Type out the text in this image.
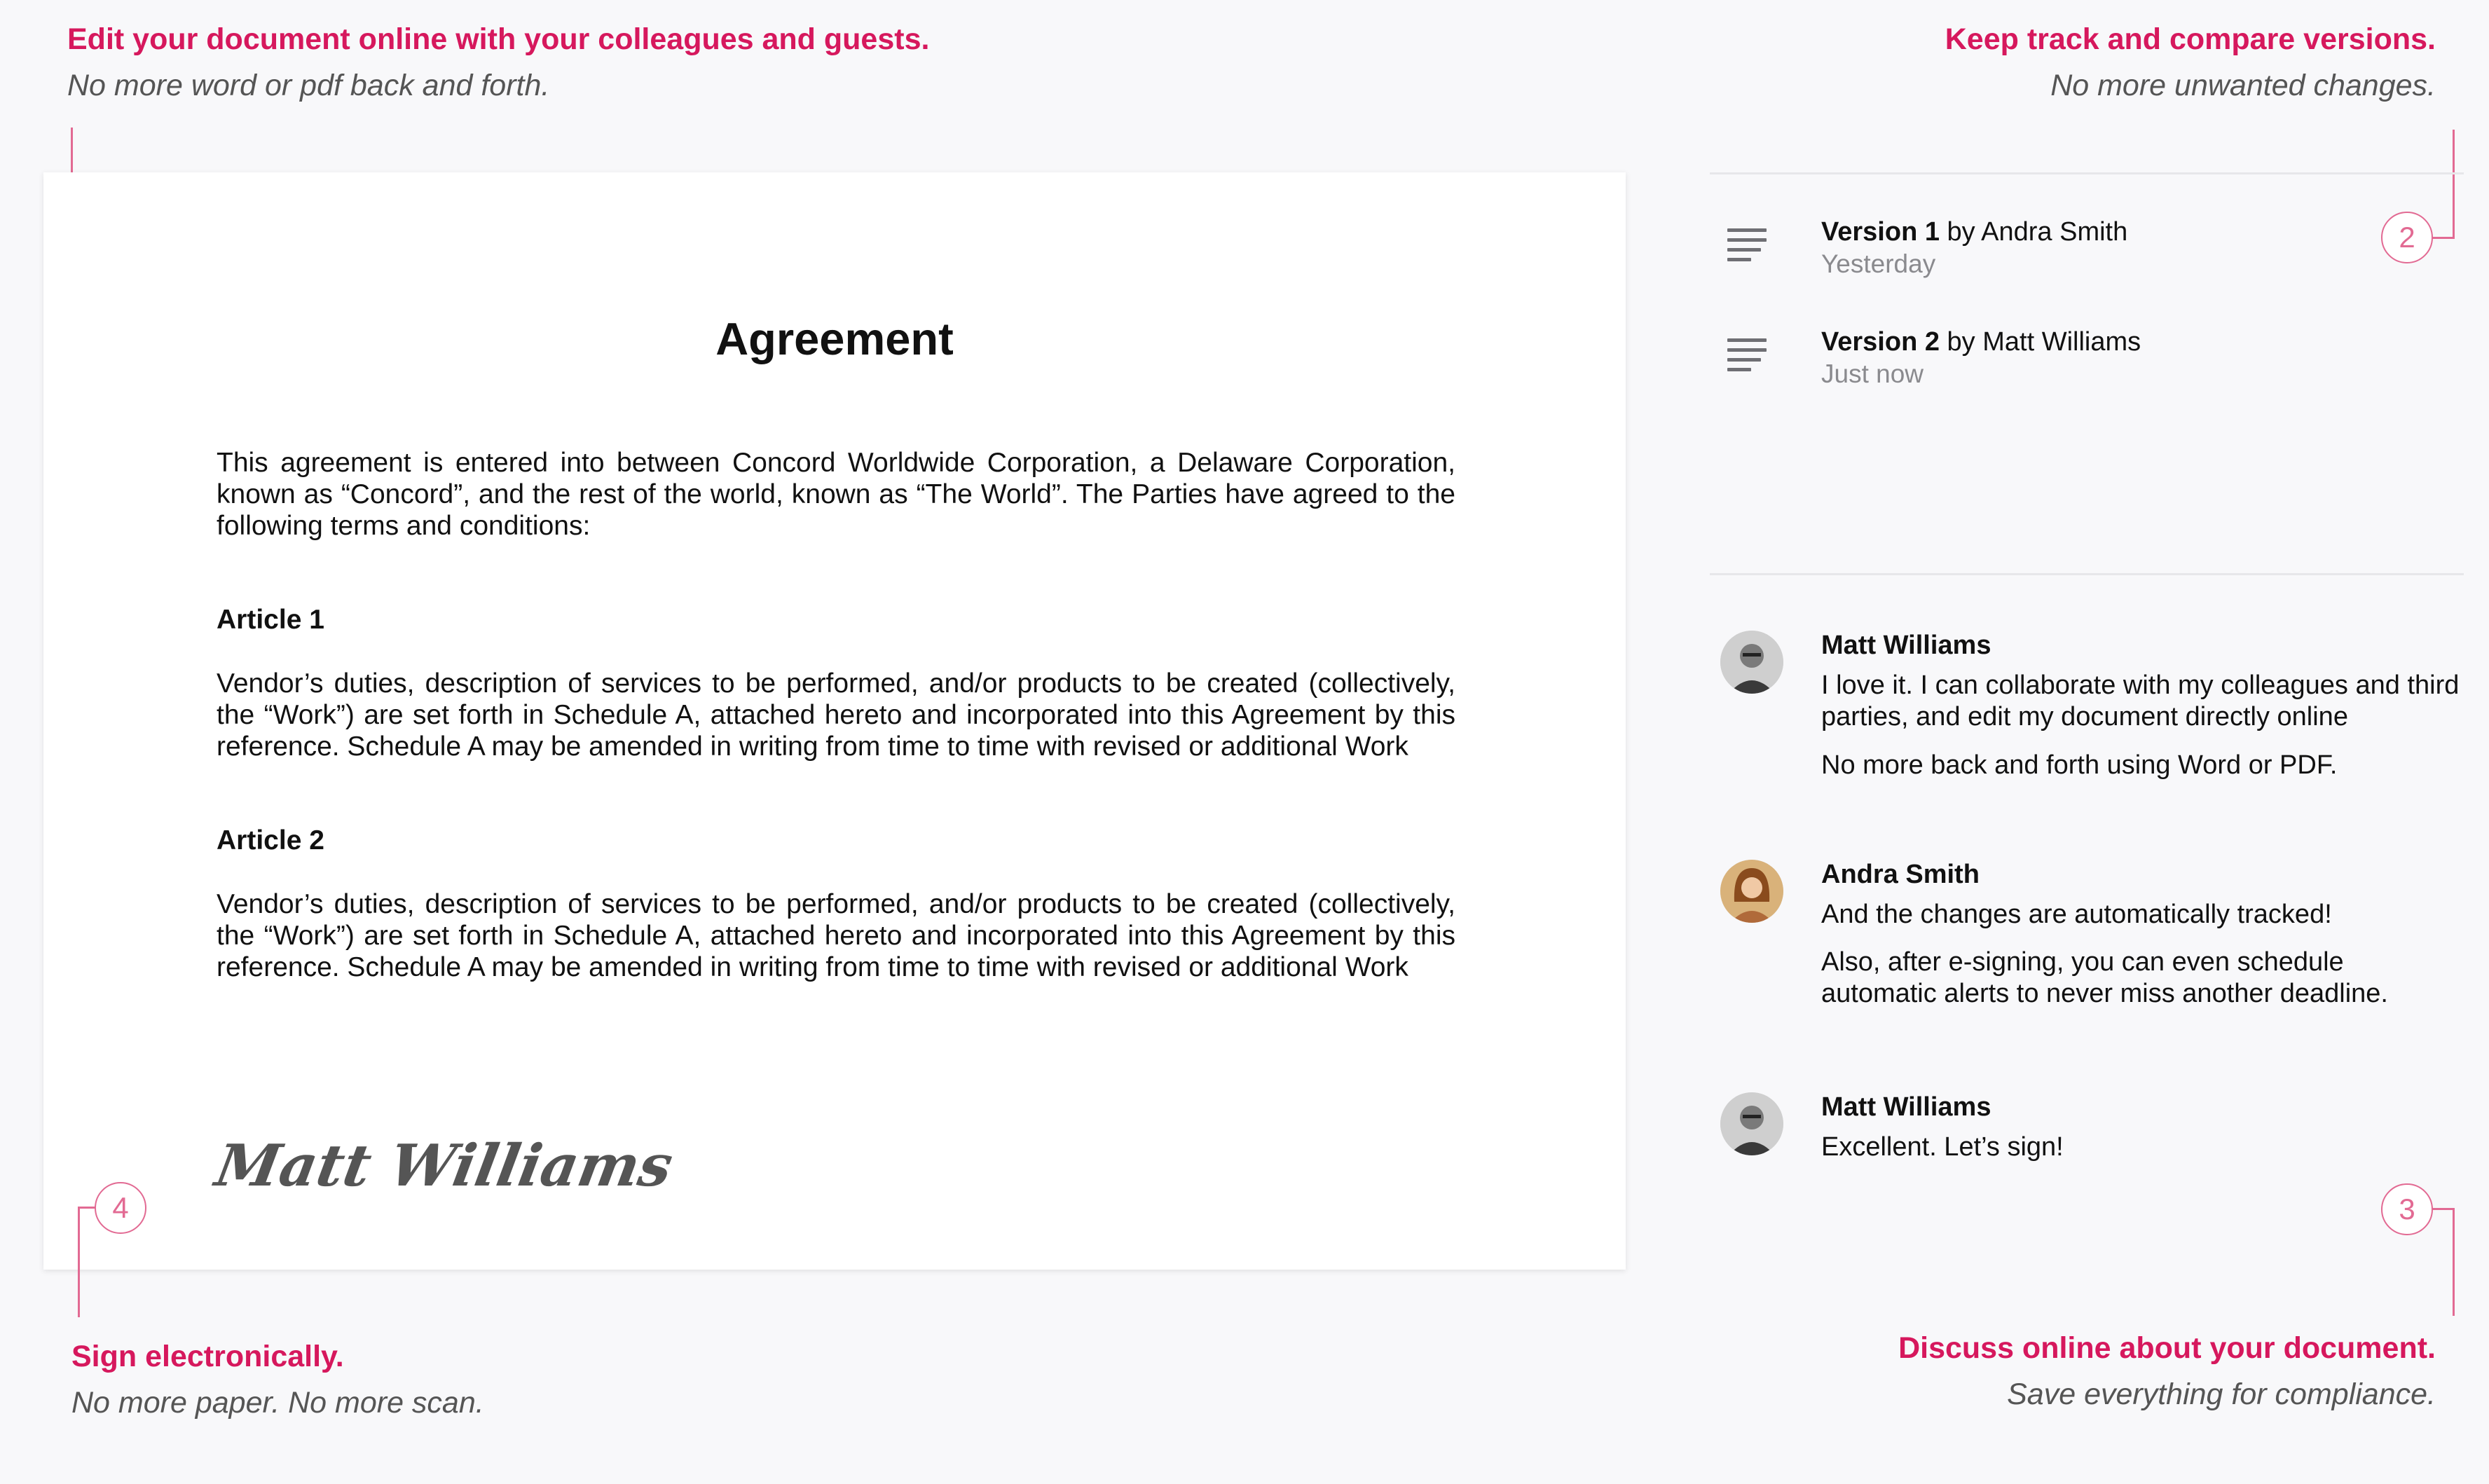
Edit your document online with your colleagues and guests.
No more word or pdf back and forth.
Keep track and compare versions.
No more unwanted changes.
2
3
Discuss online about your document.
Save everything for compliance.
Agreement
This agreement is entered into between Concord Worldwide Corporation, a Delaware Corporation, known as “Concord”, and the rest of the world, known as “The World”. The Parties have agreed to the following terms and conditions:
Article 1
Vendor’s duties, description of services to be performed, and/or products to be created (collectively, the “Work”) are set forth in Schedule A, attached hereto and incorporated into this Agreement by this reference. Schedule A may be amended in writing from time to time with revised or additional Work
Article 2
Vendor’s duties, description of services to be performed, and/or products to be created (collectively, the “Work”) are set forth in Schedule A, attached hereto and incorporated into this Agreement by this reference. Schedule A may be amended in writing from time to time with revised or additional Work
Matt Williams
4
Sign electronically.
No more paper. No more scan.
Version 1 by Andra Smith
Yesterday
Version 2 by Matt Williams
Just now
Matt Williams
I love it. I can collaborate with my colleagues and third parties, and edit my document directly online
No more back and forth using Word or PDF.
Andra Smith
And the changes are automatically tracked!
Also, after e-signing, you can even schedule automatic alerts to never miss another deadline.
Matt Williams
Excellent. Let’s sign!
